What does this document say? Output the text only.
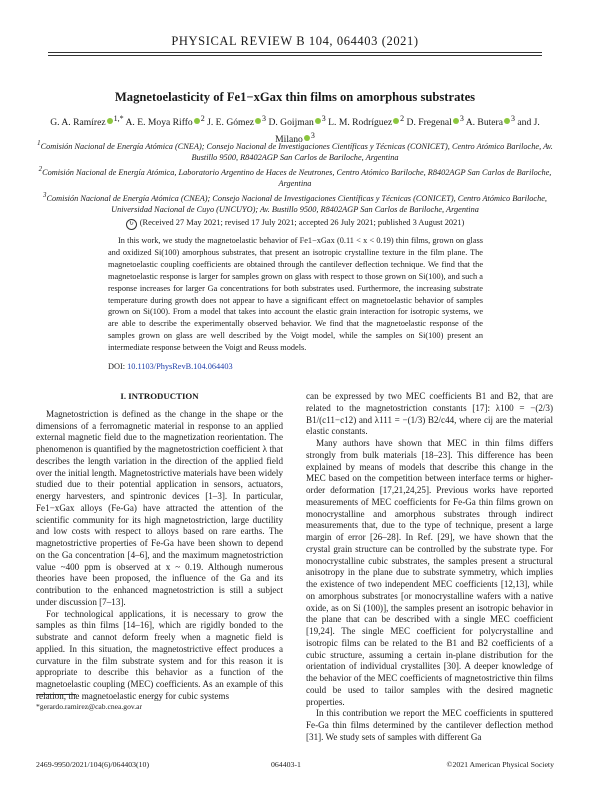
PHYSICAL REVIEW B 104, 064403 (2021)
Magnetoelasticity of Fe1−xGax thin films on amorphous substrates
G. A. Ramírez $^{1,*}$ A. E. Moya Riffo $^2$ J. E. Gómez $^3$ D. Goijman $^3$ L. M. Rodríguez $^2$ D. Fregenal $^3$ A. Butera $^3$ and J. Milano $^3$
$^1$Comisión Nacional de Energía Atómica (CNEA); Consejo Nacional de Investigaciones Científicas y Técnicas (CONICET), Centro Atómico Bariloche, Av. Bustillo 9500, R8402AGP San Carlos de Bariloche, Argentina
$^2$Comisión Nacional de Energía Atómica, Laboratorio Argentino de Haces de Neutrones, Centro Atómico Bariloche, R8402AGP San Carlos de Bariloche, Argentina
$^3$Comisión Nacional de Energía Atómica (CNEA); Consejo Nacional de Investigaciones Científicas y Técnicas (CONICET), Centro Atómico Bariloche, Universidad Nacional de Cuyo (UNCUYO); Av. Bustillo 9500, R8402AGP San Carlos de Bariloche, Argentina
↻ (Received 27 May 2021; revised 17 July 2021; accepted 26 July 2021; published 3 August 2021)
In this work, we study the magnetoelastic behavior of Fe1−xGax (0.11 < x < 0.19) thin films, grown on glass and oxidized Si(100) amorphous substrates, that present an isotropic crystalline texture in the film plane. The magnetoelastic coupling coefficients are obtained through the cantilever deflection technique. We find that the magnetoelastic response is larger for samples grown on glass with respect to those grown on Si(100), and such a response increases for larger Ga concentrations for both substrates used. Furthermore, the increasing substrate temperature during growth does not appear to have a significant effect on magnetoelastic behavior of samples grown on Si(100). From a model that takes into account the elastic grain interaction for isotropic systems, we are able to describe the experimentally observed behavior. We find that the magnetoelastic response of the samples grown on glass are well described by the Voigt model, while the samples on Si(100) present an intermediate response between the Voigt and Reuss models.
DOI: 10.1103/PhysRevB.104.064403

I. INTRODUCTION

Magnetostriction is defined as the change in the shape or the dimensions of a ferromagnetic material in response to an applied external magnetic field due to the magnetization reorientation. The phenomenon is quantified by the magnetostriction coefficient λ that describes the length variation in the direction of the applied field over the initial length. Magnetostrictive materials have been widely studied due to their potential application in sensors, actuators, energy harvesters, and spintronic devices [1–3]. In particular, Fe1−xGax alloys (Fe-Ga) have attracted the attention of the scientific community for its high magnetostriction, large ductility and low costs with respect to alloys based on rare earths. The magnetostrictive properties of Fe-Ga have been shown to depend on the Ga concentration [4–6], and the maximum magnetostriction value ~400 ppm is observed at x ~ 0.19. Although numerous theories have been proposed, the influence of the Ga and its contribution to the enhanced magnetostriction is still a subject under discussion [7–13].

For technological applications, it is necessary to grow the samples as thin films [14–16], which are rigidly bonded to the substrate and cannot deform freely when a magnetic field is applied. In this situation, the magnetostrictive effect produces a curvature in the film substrate system and for this reason it is appropriate to describe this behavior as a function of the magnetoelastic coupling (MEC) coefficients. As an example of this relation, the magnetoelastic energy for cubic systems

can be expressed by two MEC coefficients B1 and B2, that are related to the magnetostriction constants [17]: λ100 = −(2/3) B1/(c11−c12) and λ111 = −(1/3) B2/c44, where cij are the material elastic constants.

Many authors have shown that MEC in thin films differs strongly from bulk materials [18–23]. This difference has been explained by means of models that describe this change in the MEC based on the competition between interface terms or higher-order deformation [17,21,24,25]. Previous works have reported measurements of MEC coefficients for Fe-Ga thin films grown on monocrystalline and amorphous substrates through indirect measurements that, due to the type of technique, present a large margin of error [26–28]. In Ref. [29], we have shown that the crystal grain structure can be controlled by the substrate type. For monocrystalline cubic substrates, the samples present a structural anisotropy in the plane due to substrate symmetry, which implies the existence of two independent MEC coefficients [12,13], while on amorphous substrates [or monocrystalline wafers with a native oxide, as on Si (100)], the samples present an isotropic behavior in the plane that can be described with a single MEC coefficient [19,24]. The single MEC coefficient for polycrystalline and isotropic films can be related to the B1 and B2 coefficients of a cubic structure, assuming a certain in-plane distribution for the orientation of individual crystallites [30]. A deeper knowledge of the behavior of the MEC coefficients of magnetostrictive thin films could be used to tailor samples with the desired magnetic properties.

In this contribution we report the MEC coefficients in sputtered Fe-Ga thin films determined by the cantilever deflection method [31]. We study sets of samples with different Ga

*gerardo.ramirez@cab.cnea.gov.ar
2469-9950/2021/104(6)/064403(10)	064403-1	©2021 American Physical Society
